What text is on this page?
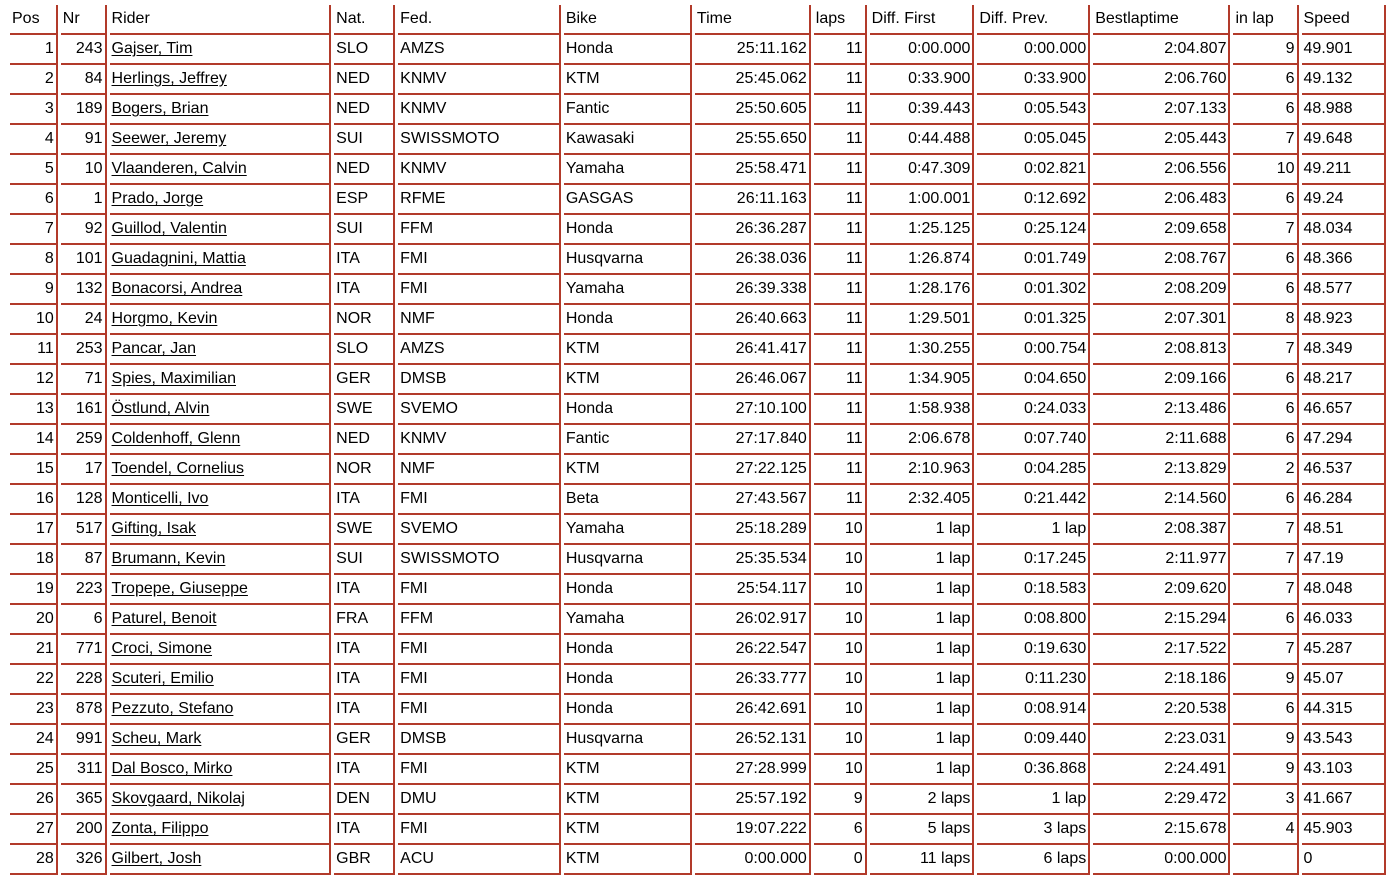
Pos	Nr	Rider	Nat.	Fed.	Bike	Time	laps	Diff. First	Diff. Prev.	Bestlaptime	in lap	Speed
1	243	Gajser, Tim	SLO	AMZS	Honda	25:11.162	11	0:00.000	0:00.000	2:04.807	9	49.901
2	84	Herlings, Jeffrey	NED	KNMV	KTM	25:45.062	11	0:33.900	0:33.900	2:06.760	6	49.132
3	189	Bogers, Brian	NED	KNMV	Fantic	25:50.605	11	0:39.443	0:05.543	2:07.133	6	48.988
4	91	Seewer, Jeremy	SUI	SWISSMOTO	Kawasaki	25:55.650	11	0:44.488	0:05.045	2:05.443	7	49.648
5	10	Vlaanderen, Calvin	NED	KNMV	Yamaha	25:58.471	11	0:47.309	0:02.821	2:06.556	10	49.211
6	1	Prado, Jorge	ESP	RFME	GASGAS	26:11.163	11	1:00.001	0:12.692	2:06.483	6	49.24
7	92	Guillod, Valentin	SUI	FFM	Honda	26:36.287	11	1:25.125	0:25.124	2:09.658	7	48.034
8	101	Guadagnini, Mattia	ITA	FMI	Husqvarna	26:38.036	11	1:26.874	0:01.749	2:08.767	6	48.366
9	132	Bonacorsi, Andrea	ITA	FMI	Yamaha	26:39.338	11	1:28.176	0:01.302	2:08.209	6	48.577
10	24	Horgmo, Kevin	NOR	NMF	Honda	26:40.663	11	1:29.501	0:01.325	2:07.301	8	48.923
11	253	Pancar, Jan	SLO	AMZS	KTM	26:41.417	11	1:30.255	0:00.754	2:08.813	7	48.349
12	71	Spies, Maximilian	GER	DMSB	KTM	26:46.067	11	1:34.905	0:04.650	2:09.166	6	48.217
13	161	Östlund, Alvin	SWE	SVEMO	Honda	27:10.100	11	1:58.938	0:24.033	2:13.486	6	46.657
14	259	Coldenhoff, Glenn	NED	KNMV	Fantic	27:17.840	11	2:06.678	0:07.740	2:11.688	6	47.294
15	17	Toendel, Cornelius	NOR	NMF	KTM	27:22.125	11	2:10.963	0:04.285	2:13.829	2	46.537
16	128	Monticelli, Ivo	ITA	FMI	Beta	27:43.567	11	2:32.405	0:21.442	2:14.560	6	46.284
17	517	Gifting, Isak	SWE	SVEMO	Yamaha	25:18.289	10	1 lap	1 lap	2:08.387	7	48.51
18	87	Brumann, Kevin	SUI	SWISSMOTO	Husqvarna	25:35.534	10	1 lap	0:17.245	2:11.977	7	47.19
19	223	Tropepe, Giuseppe	ITA	FMI	Honda	25:54.117	10	1 lap	0:18.583	2:09.620	7	48.048
20	6	Paturel, Benoit	FRA	FFM	Yamaha	26:02.917	10	1 lap	0:08.800	2:15.294	6	46.033
21	771	Croci, Simone	ITA	FMI	Honda	26:22.547	10	1 lap	0:19.630	2:17.522	7	45.287
22	228	Scuteri, Emilio	ITA	FMI	Honda	26:33.777	10	1 lap	0:11.230	2:18.186	9	45.07
23	878	Pezzuto, Stefano	ITA	FMI	Honda	26:42.691	10	1 lap	0:08.914	2:20.538	6	44.315
24	991	Scheu, Mark	GER	DMSB	Husqvarna	26:52.131	10	1 lap	0:09.440	2:23.031	9	43.543
25	311	Dal Bosco, Mirko	ITA	FMI	KTM	27:28.999	10	1 lap	0:36.868	2:24.491	9	43.103
26	365	Skovgaard, Nikolaj	DEN	DMU	KTM	25:57.192	9	2 laps	1 lap	2:29.472	3	41.667
27	200	Zonta, Filippo	ITA	FMI	KTM	19:07.222	6	5 laps	3 laps	2:15.678	4	45.903
28	326	Gilbert, Josh	GBR	ACU	KTM	0:00.000	0	11 laps	6 laps	0:00.000		0
